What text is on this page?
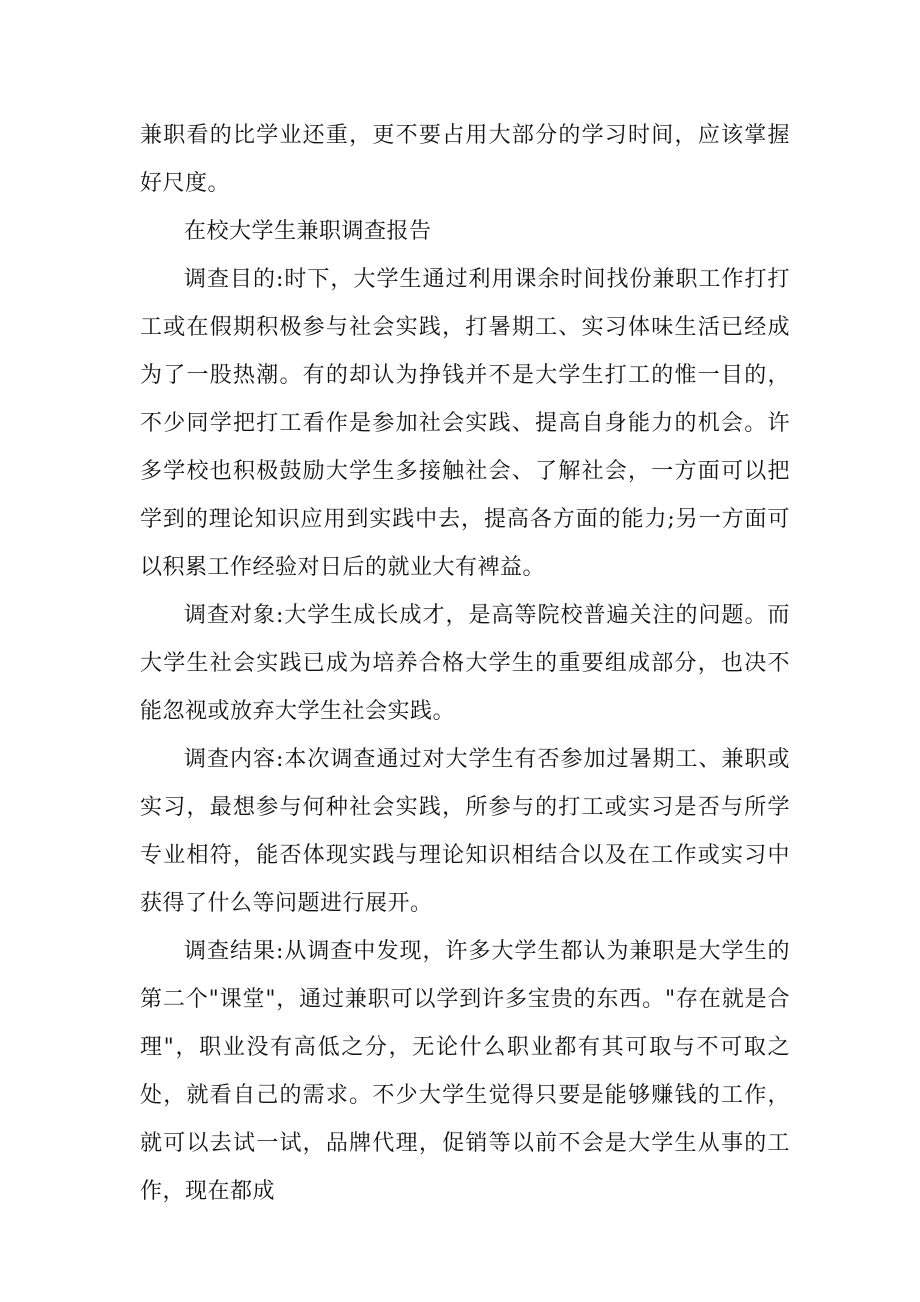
兼职看的比学业还重，更不要占用大部分的学习时间，应该掌握好尺度。

在校大学生兼职调查报告

调查目的:时下，大学生通过利用课余时间找份兼职工作打打工或在假期积极参与社会实践，打暑期工、实习体味生活已经成为了一股热潮。有的却认为挣钱并不是大学生打工的惟一目的，不少同学把打工看作是参加社会实践、提高自身能力的机会。许多学校也积极鼓励大学生多接触社会、了解社会，一方面可以把学到的理论知识应用到实践中去，提高各方面的能力;另一方面可以积累工作经验对日后的就业大有裨益。

调查对象:大学生成长成才，是高等院校普遍关注的问题。而大学生社会实践已成为培养合格大学生的重要组成部分，也决不能忽视或放弃大学生社会实践。

调查内容:本次调查通过对大学生有否参加过暑期工、兼职或实习，最想参与何种社会实践，所参与的打工或实习是否与所学专业相符，能否体现实践与理论知识相结合以及在工作或实习中获得了什么等问题进行展开。

调查结果:从调查中发现，许多大学生都认为兼职是大学生的第二个"课堂"，通过兼职可以学到许多宝贵的东西。"存在就是合理"，职业没有高低之分，无论什么职业都有其可取与不可取之处，就看自己的需求。不少大学生觉得只要是能够赚钱的工作，就可以去试一试，品牌代理，促销等以前不会是大学生从事的工作，现在都成
